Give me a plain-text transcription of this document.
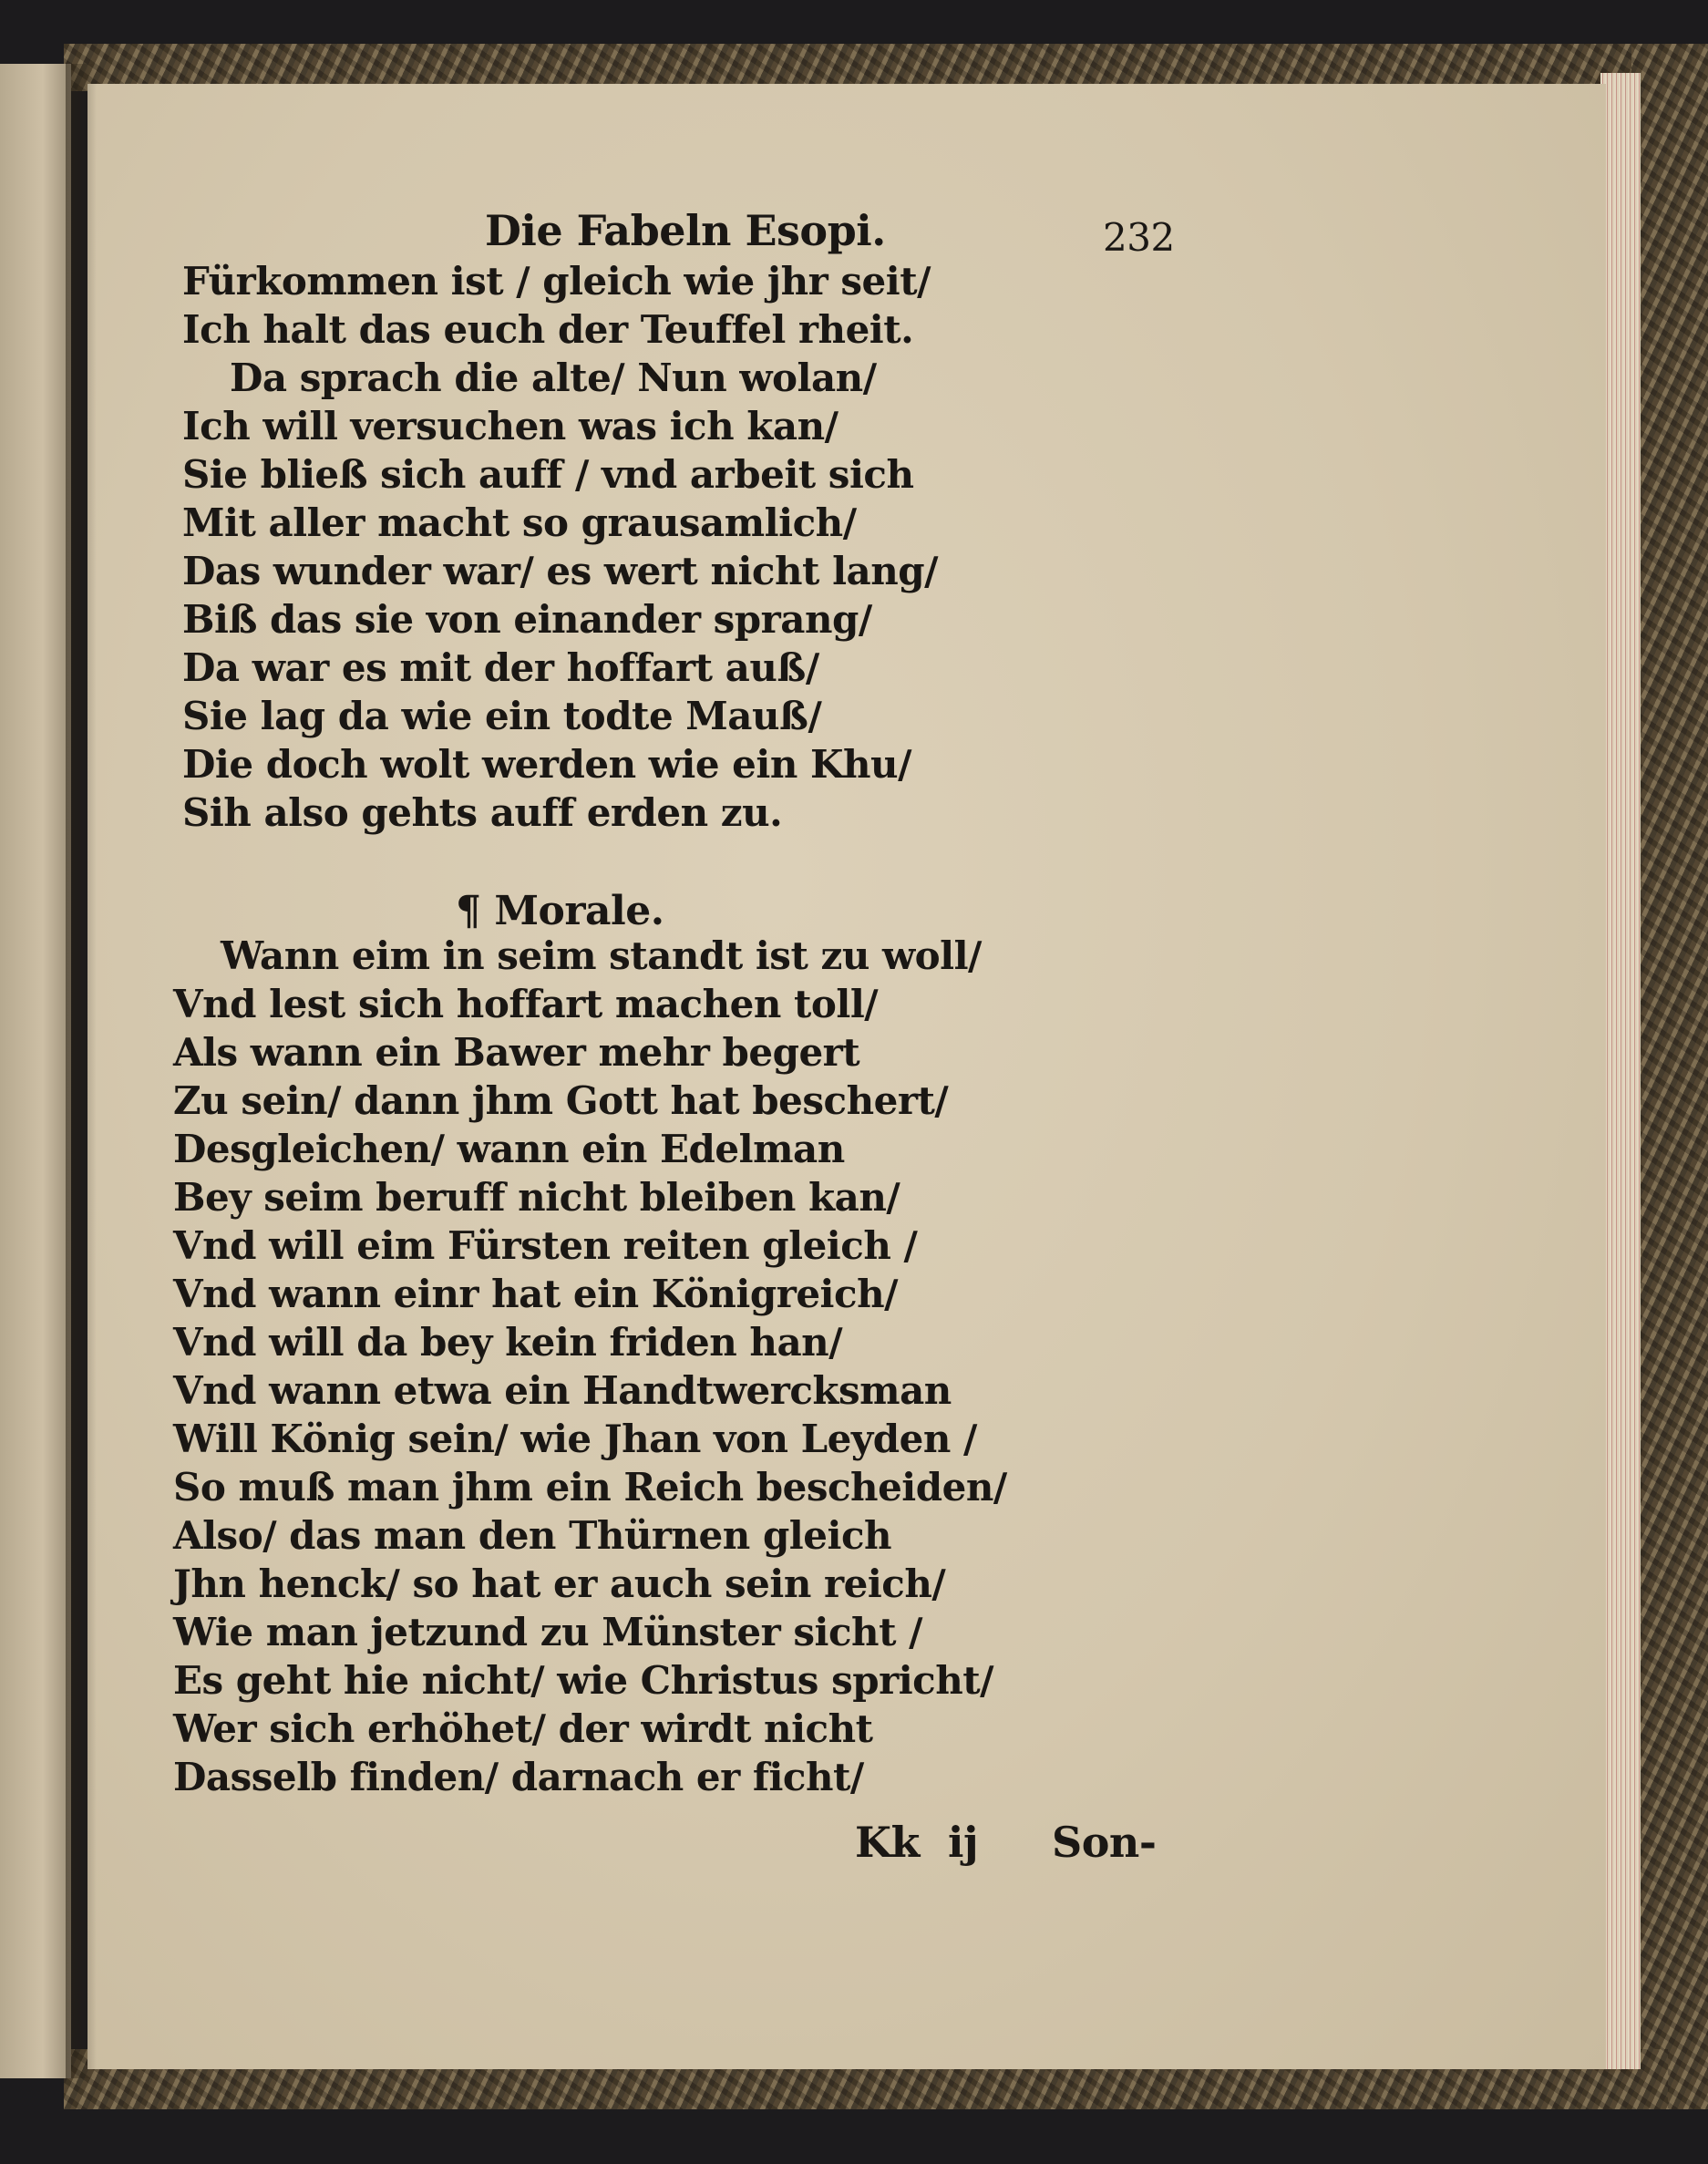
Die Fabeln Esopi.	232
Fürkommen ist / gleich wie jhr seit/
Ich halt das euch der Teuffel rheit.
Da sprach die alte/ Nun wolan/
Ich will versuchen was ich kan/
Sie bließ sich auff / vnd arbeit sich
Mit aller macht so grausamlich/
Das wunder war/ es wert nicht lang/
Biß das sie von einander sprang/
Da war es mit der hoffart auß/
Sie lag da wie ein todte Mauß/
Die doch wolt werden wie ein Khu/
Sih also gehts auff erden zu.
¶ Morale.
Wann eim in seim standt ist zu woll/
Vnd lest sich hoffart machen toll/
Als wann ein Bawer mehr begert
Zu sein/ dann jhm Gott hat beschert/
Desgleichen/ wann ein Edelman
Bey seim beruff nicht bleiben kan/
Vnd will eim Fürsten reiten gleich /
Vnd wann einr hat ein Königreich/
Vnd will da bey kein friden han/
Vnd wann etwa ein Handtwercksman
Will König sein/ wie Jhan von Leyden /
So muß man jhm ein Reich bescheiden/
Also/ das man den Thürnen gleich
Jhn henck/ so hat er auch sein reich/
Wie man jetzund zu Münster sicht /
Es geht hie nicht/ wie Christus spricht/
Wer sich erhöhet/ der wirdt nicht
Dasselb finden/ darnach er ficht/
Kk ij Son-
